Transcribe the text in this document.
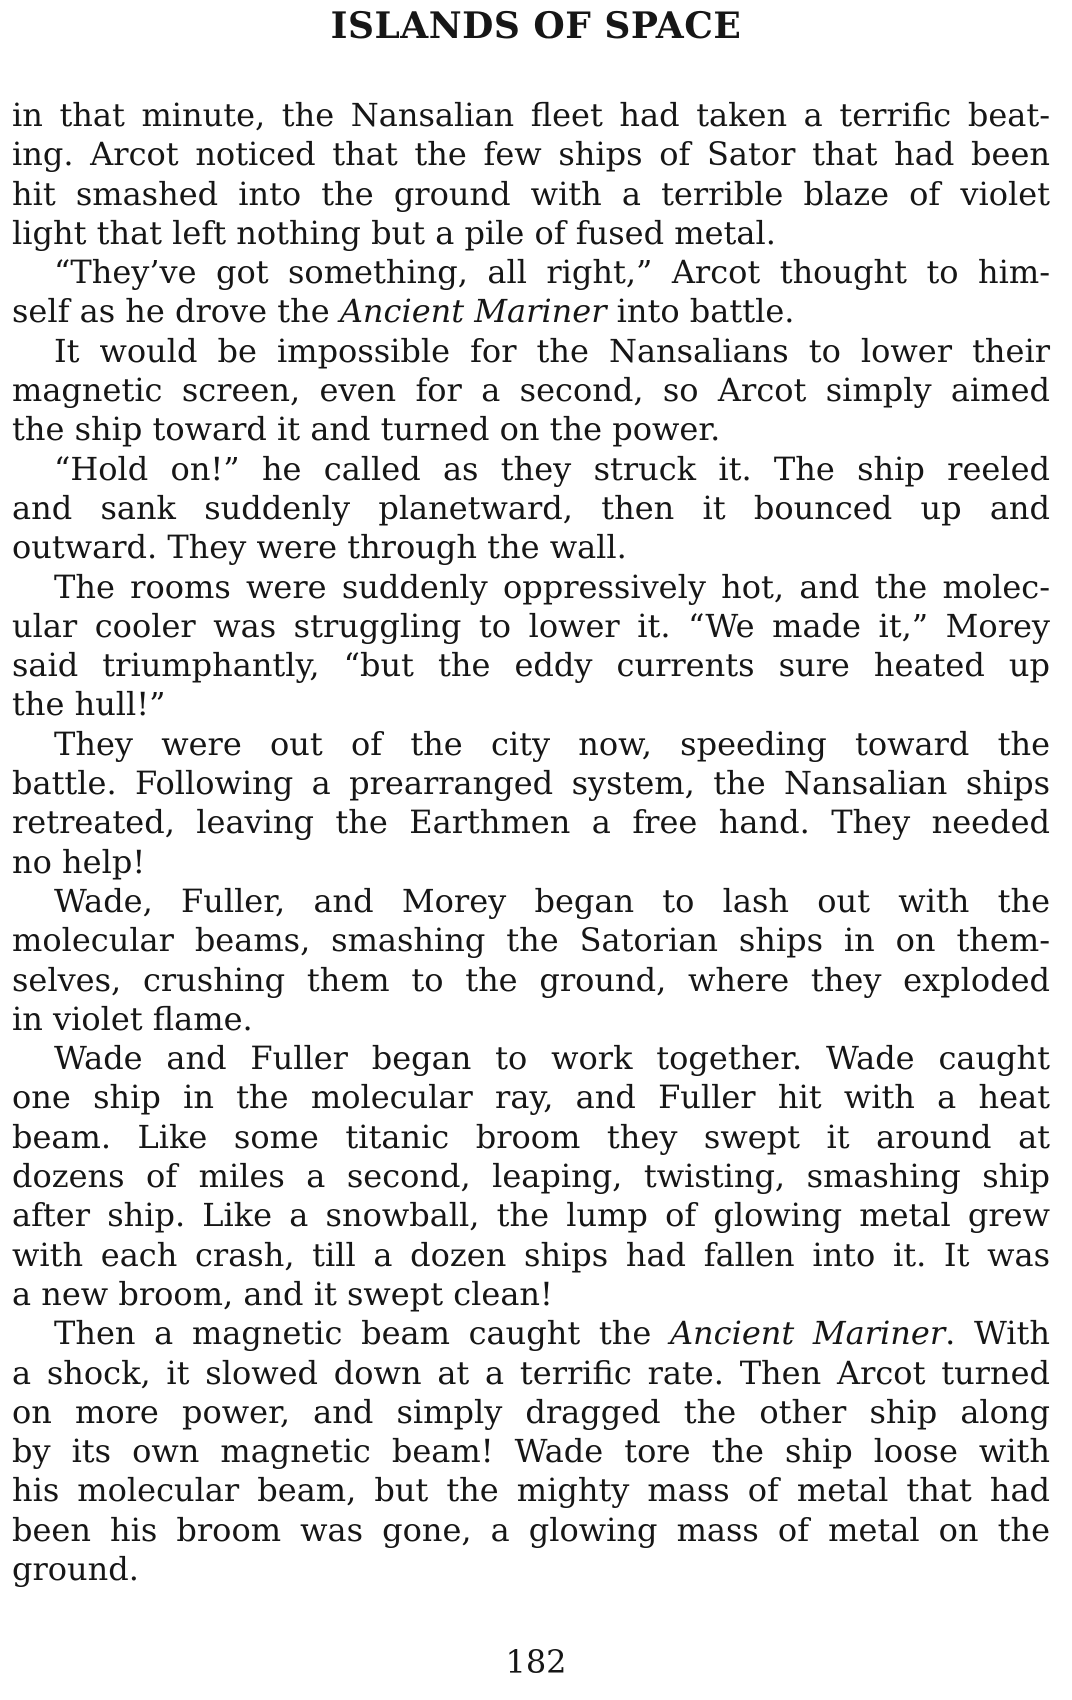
ISLANDS OF SPACE
in that minute, the Nansalian fleet had taken a terrific beat-
ing. Arcot noticed that the few ships of Sator that had been
hit smashed into the ground with a terrible blaze of violet
light that left nothing but a pile of fused metal.
“They’ve got something, all right,” Arcot thought to him-
self as he drove the Ancient Mariner into battle.
It would be impossible for the Nansalians to lower their
magnetic screen, even for a second, so Arcot simply aimed
the ship toward it and turned on the power.
“Hold on!” he called as they struck it. The ship reeled
and sank suddenly planetward, then it bounced up and
outward. They were through the wall.
The rooms were suddenly oppressively hot, and the molec-
ular cooler was struggling to lower it. “We made it,” Morey
said triumphantly, “but the eddy currents sure heated up
the hull!”
They were out of the city now, speeding toward the
battle. Following a prearranged system, the Nansalian ships
retreated, leaving the Earthmen a free hand. They needed
no help!
Wade, Fuller, and Morey began to lash out with the
molecular beams, smashing the Satorian ships in on them-
selves, crushing them to the ground, where they exploded
in violet flame.
Wade and Fuller began to work together. Wade caught
one ship in the molecular ray, and Fuller hit with a heat
beam. Like some titanic broom they swept it around at
dozens of miles a second, leaping, twisting, smashing ship
after ship. Like a snowball, the lump of glowing metal grew
with each crash, till a dozen ships had fallen into it. It was
a new broom, and it swept clean!
Then a magnetic beam caught the Ancient Mariner. With
a shock, it slowed down at a terrific rate. Then Arcot turned
on more power, and simply dragged the other ship along
by its own magnetic beam! Wade tore the ship loose with
his molecular beam, but the mighty mass of metal that had
been his broom was gone, a glowing mass of metal on the
ground.
182
